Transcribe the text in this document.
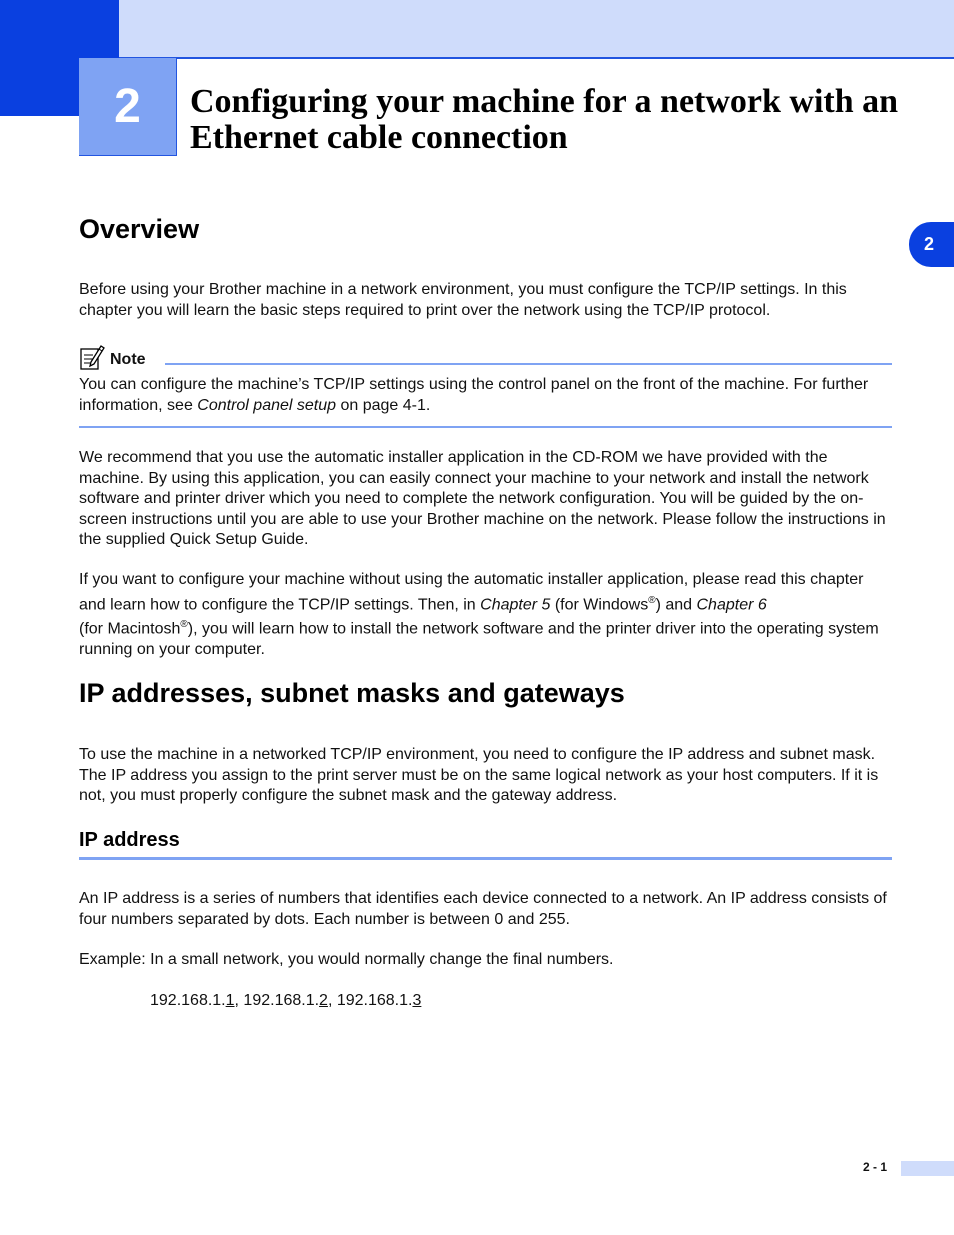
2	Configuring your machine for a network with an Ethernet cable connection
2
Overview

Before using your Brother machine in a network environment, you must configure the TCP/IP settings. In this chapter you will learn the basic steps required to print over the network using the TCP/IP protocol.

Note

You can configure the machine’s TCP/IP settings using the control panel on the front of the machine. For further information, see Control panel setup on page 4-1.

We recommend that you use the automatic installer application in the CD-ROM we have provided with the machine. By using this application, you can easily connect your machine to your network and install the network software and printer driver which you need to complete the network configuration. You will be guided by the on-screen instructions until you are able to use your Brother machine on the network. Please follow the instructions in the supplied Quick Setup Guide.

If you want to configure your machine without using the automatic installer application, please read this chapter and learn how to configure the TCP/IP settings. Then, in Chapter 5 (for Windows®) and Chapter 6
(for Macintosh®), you will learn how to install the network software and the printer driver into the operating system running on your computer.

IP addresses, subnet masks and gateways

To use the machine in a networked TCP/IP environment, you need to configure the IP address and subnet mask. The IP address you assign to the print server must be on the same logical network as your host computers. If it is not, you must properly configure the subnet mask and the gateway address.

IP address

An IP address is a series of numbers that identifies each device connected to a network. An IP address consists of four numbers separated by dots. Each number is between 0 and 255.

Example: In a small network, you would normally change the final numbers.

192.168.1.1, 192.168.1.2, 192.168.1.3
2 - 1
